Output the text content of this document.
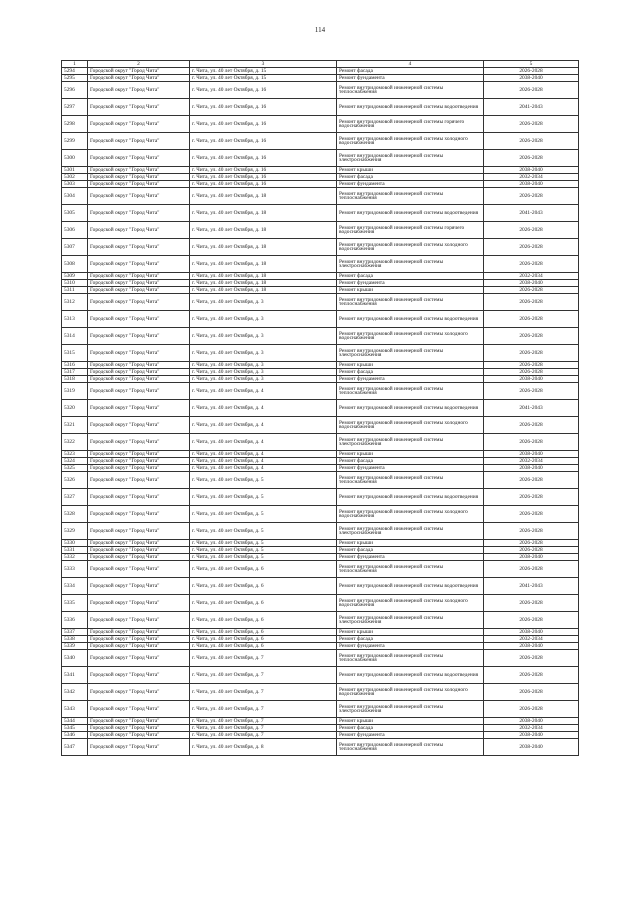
114
1	2	3	4	5
5294	Городской округ "Город Чита"	г. Чита, ул. 40 лет Октября, д. 15	Ремонт фасада	2026-2028
5295	Городской округ "Город Чита"	г. Чита, ул. 40 лет Октября, д. 15	Ремонт фундамента	2038-2040
5296	Городской округ "Город Чита"	г. Чита, ул. 40 лет Октября, д. 16	Ремонт внутридомовой инженерной системы теплоснабжения	2026-2028
5297	Городской округ "Город Чита"	г. Чита, ул. 40 лет Октября, д. 16	Ремонт внутридомовой инженерной системы водоотведения	2041-2043
5298	Городской округ "Город Чита"	г. Чита, ул. 40 лет Октября, д. 16	Ремонт внутридомовой инженерной системы горячего водоснабжения	2026-2028
5299	Городской округ "Город Чита"	г. Чита, ул. 40 лет Октября, д. 16	Ремонт внутридомовой инженерной системы холодного водоснабжения	2026-2028
5300	Городской округ "Город Чита"	г. Чита, ул. 40 лет Октября, д. 16	Ремонт внутридомовой инженерной системы электроснабжения	2026-2028
5301	Городской округ "Город Чита"	г. Чита, ул. 40 лет Октября, д. 16	Ремонт крыши	2038-2040
5302	Городской округ "Город Чита"	г. Чита, ул. 40 лет Октября, д. 16	Ремонт фасада	2032-2034
5303	Городской округ "Город Чита"	г. Чита, ул. 40 лет Октября, д. 16	Ремонт фундамента	2038-2040
5304	Городской округ "Город Чита"	г. Чита, ул. 40 лет Октября, д. 18	Ремонт внутридомовой инженерной системы теплоснабжения	2026-2028
5305	Городской округ "Город Чита"	г. Чита, ул. 40 лет Октября, д. 18	Ремонт внутридомовой инженерной системы водоотведения	2041-2043
5306	Городской округ "Город Чита"	г. Чита, ул. 40 лет Октября, д. 18	Ремонт внутридомовой инженерной системы горячего водоснабжения	2026-2028
5307	Городской округ "Город Чита"	г. Чита, ул. 40 лет Октября, д. 18	Ремонт внутридомовой инженерной системы холодного водоснабжения	2026-2028
5308	Городской округ "Город Чита"	г. Чита, ул. 40 лет Октября, д. 18	Ремонт внутридомовой инженерной системы электроснабжения	2026-2028
5309	Городской округ "Город Чита"	г. Чита, ул. 40 лет Октября, д. 18	Ремонт фасада	2032-2034
5310	Городской округ "Город Чита"	г. Чита, ул. 40 лет Октября, д. 18	Ремонт фундамента	2038-2040
5311	Городской округ "Город Чита"	г. Чита, ул. 40 лет Октября, д. 18	Ремонт крыши	2026-2028
5312	Городской округ "Город Чита"	г. Чита, ул. 40 лет Октября, д. 3	Ремонт внутридомовой инженерной системы теплоснабжения	2026-2028
5313	Городской округ "Город Чита"	г. Чита, ул. 40 лет Октября, д. 3	Ремонт внутридомовой инженерной системы водоотведения	2026-2028
5314	Городской округ "Город Чита"	г. Чита, ул. 40 лет Октября, д. 3	Ремонт внутридомовой инженерной системы холодного водоснабжения	2026-2028
5315	Городской округ "Город Чита"	г. Чита, ул. 40 лет Октября, д. 3	Ремонт внутридомовой инженерной системы электроснабжения	2026-2028
5316	Городской округ "Город Чита"	г. Чита, ул. 40 лет Октября, д. 3	Ремонт крыши	2026-2028
5317	Городской округ "Город Чита"	г. Чита, ул. 40 лет Октября, д. 3	Ремонт фасада	2026-2028
5318	Городской округ "Город Чита"	г. Чита, ул. 40 лет Октября, д. 3	Ремонт фундамента	2038-2040
5319	Городской округ "Город Чита"	г. Чита, ул. 40 лет Октября, д. 4	Ремонт внутридомовой инженерной системы теплоснабжения	2026-2028
5320	Городской округ "Город Чита"	г. Чита, ул. 40 лет Октября, д. 4	Ремонт внутридомовой инженерной системы водоотведения	2041-2043
5321	Городской округ "Город Чита"	г. Чита, ул. 40 лет Октября, д. 4	Ремонт внутридомовой инженерной системы холодного водоснабжения	2026-2028
5322	Городской округ "Город Чита"	г. Чита, ул. 40 лет Октября, д. 4	Ремонт внутридомовой инженерной системы электроснабжения	2026-2028
5323	Городской округ "Город Чита"	г. Чита, ул. 40 лет Октября, д. 4	Ремонт крыши	2038-2040
5324	Городской округ "Город Чита"	г. Чита, ул. 40 лет Октября, д. 4	Ремонт фасада	2032-2034
5325	Городской округ "Город Чита"	г. Чита, ул. 40 лет Октября, д. 4	Ремонт фундамента	2038-2040
5326	Городской округ "Город Чита"	г. Чита, ул. 40 лет Октября, д. 5	Ремонт внутридомовой инженерной системы теплоснабжения	2026-2028
5327	Городской округ "Город Чита"	г. Чита, ул. 40 лет Октября, д. 5	Ремонт внутридомовой инженерной системы водоотведения	2026-2028
5328	Городской округ "Город Чита"	г. Чита, ул. 40 лет Октября, д. 5	Ремонт внутридомовой инженерной системы холодного водоснабжения	2026-2028
5329	Городской округ "Город Чита"	г. Чита, ул. 40 лет Октября, д. 5	Ремонт внутридомовой инженерной системы электроснабжения	2026-2028
5330	Городской округ "Город Чита"	г. Чита, ул. 40 лет Октября, д. 5	Ремонт крыши	2026-2028
5331	Городской округ "Город Чита"	г. Чита, ул. 40 лет Октября, д. 5	Ремонт фасада	2026-2028
5332	Городской округ "Город Чита"	г. Чита, ул. 40 лет Октября, д. 5	Ремонт фундамента	2038-2040
5333	Городской округ "Город Чита"	г. Чита, ул. 40 лет Октября, д. 6	Ремонт внутридомовой инженерной системы теплоснабжения	2026-2028
5334	Городской округ "Город Чита"	г. Чита, ул. 40 лет Октября, д. 6	Ремонт внутридомовой инженерной системы водоотведения	2041-2043
5335	Городской округ "Город Чита"	г. Чита, ул. 40 лет Октября, д. 6	Ремонт внутридомовой инженерной системы холодного водоснабжения	2026-2028
5336	Городской округ "Город Чита"	г. Чита, ул. 40 лет Октября, д. 6	Ремонт внутридомовой инженерной системы электроснабжения	2026-2028
5337	Городской округ "Город Чита"	г. Чита, ул. 40 лет Октября, д. 6	Ремонт крыши	2038-2040
5338	Городской округ "Город Чита"	г. Чита, ул. 40 лет Октября, д. 6	Ремонт фасада	2032-2034
5339	Городской округ "Город Чита"	г. Чита, ул. 40 лет Октября, д. 6	Ремонт фундамента	2038-2040
5340	Городской округ "Город Чита"	г. Чита, ул. 40 лет Октября, д. 7	Ремонт внутридомовой инженерной системы теплоснабжения	2026-2028
5341	Городской округ "Город Чита"	г. Чита, ул. 40 лет Октября, д. 7	Ремонт внутридомовой инженерной системы водоотведения	2026-2028
5342	Городской округ "Город Чита"	г. Чита, ул. 40 лет Октября, д. 7	Ремонт внутридомовой инженерной системы холодного водоснабжения	2026-2028
5343	Городской округ "Город Чита"	г. Чита, ул. 40 лет Октября, д. 7	Ремонт внутридомовой инженерной системы электроснабжения	2026-2028
5344	Городской округ "Город Чита"	г. Чита, ул. 40 лет Октября, д. 7	Ремонт крыши	2038-2040
5345	Городской округ "Город Чита"	г. Чита, ул. 40 лет Октября, д. 7	Ремонт фасада	2032-2034
5346	Городской округ "Город Чита"	г. Чита, ул. 40 лет Октября, д. 7	Ремонт фундамента	2038-2040
5347	Городской округ "Город Чита"	г. Чита, ул. 40 лет Октября, д. 8	Ремонт внутридомовой инженерной системы теплоснабжения	2038-2040
